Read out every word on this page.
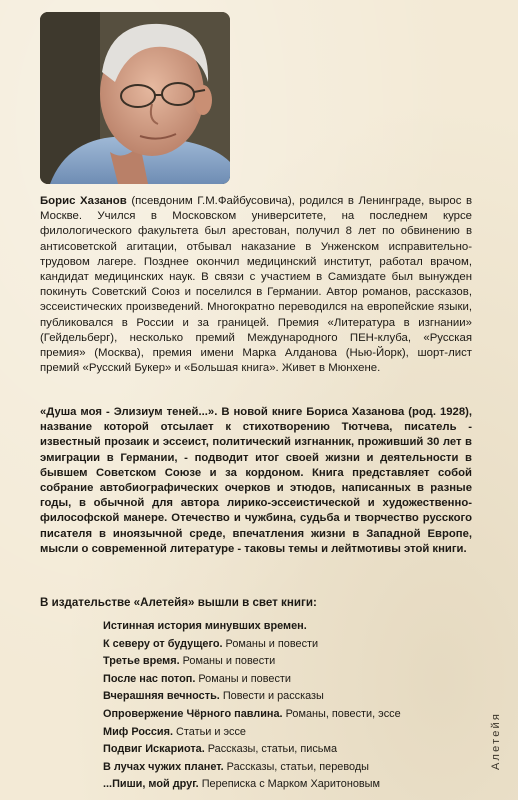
Борис Хазанов (псевдоним Г.М.Файбусовича), родился в Ленинграде, вырос в Москве. Учился в Московском университете, на последнем курсе филологического факультета был арестован, получил 8 лет по обвинению в антисоветской агитации, отбывал наказание в Унженском исправительно-трудовом лагере. Позднее окончил медицинский институт, работал врачом, кандидат медицинских наук. В связи с участием в Самиздате был вынужден покинуть Советский Союз и поселился в Германии. Автор романов, рассказов, эссеистических произведений. Многократно переводился на европейские языки, публиковался в России и за границей. Премия «Литература в изгнании» (Гейдельберг), несколько премий Международного ПЕН-клуба, «Русская премия» (Москва), премия имени Марка Алданова (Нью-Йорк), шорт-лист премий «Русский Букер» и «Большая книга». Живет в Мюнхене.
«Душа моя - Элизиум теней...». В новой книге Бориса Хазанова (род. 1928), название которой отсылает к стихотворению Тютчева, писатель - известный прозаик и эссеист, политический изгнанник, проживший 30 лет в эмиграции в Германии, - подводит итог своей жизни и деятельности в бывшем Советском Союзе и за кордоном. Книга представляет собой собрание автобиографических очерков и этюдов, написанных в разные годы, в обычной для автора лирико-эссеистической и художественно-философской манере. Отечество и чужбина, судьба и творчество русского писателя в иноязычной среде, впечатления жизни в Западной Европе, мысли о современной литературе - таковы темы и лейтмотивы этой книги.
В издательстве «Алетейя» вышли в свет книги:
Истинная история минувших времен.
К северу от будущего. Романы и повести
Третье время. Романы и повести
После нас потоп. Романы и повести
Вчерашняя вечность. Повести и рассказы
Опровержение Чёрного павлина. Романы, повести, эссе
Миф Россия. Статьи и эссе
Подвиг Искариота. Рассказы, статьи, письма
В лучах чужих планет. Рассказы, статьи, переводы
...Пиши, мой друг. Переписка с Марком Харитоновым
Алетейя
